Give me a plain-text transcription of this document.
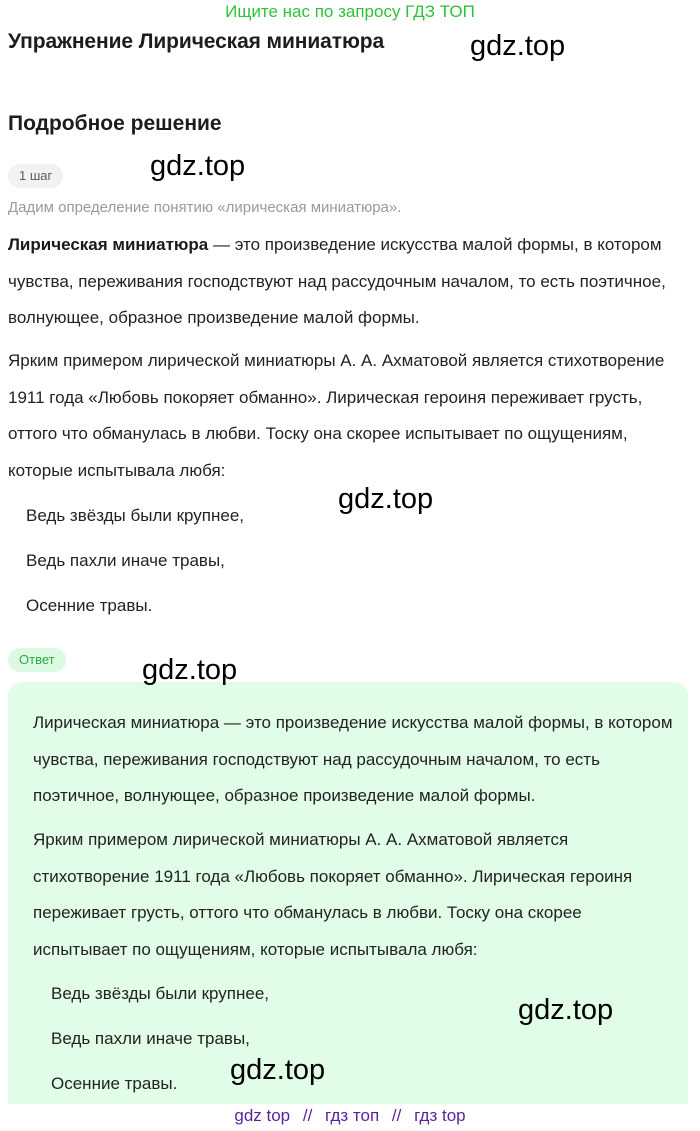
Ищите нас по запросу ГДЗ ТОП
Упражнение Лирическая миниатюра	gdz.top
Подробное решение
1 шаг	gdz.top
Дадим определение понятию «лирическая миниатюра».

Лирическая миниатюра — это произведение искусства малой формы, в котором чувства, переживания господствуют над рассудочным началом, то есть поэтичное, волнующее, образное произведение малой формы.

Ярким примером лирической миниатюры А. А. Ахматовой является стихотворение 1911 года «Любовь покоряет обманно». Лирическая героиня переживает грусть, оттого что обманулась в любви. Тоску она скорее испытывает по ощущениям, которые испытывала любя:

gdz.top

Ведь звёзды были крупнее,

Ведь пахли иначе травы,

Осенние травы.

Ответ	gdz.top

Лирическая миниатюра — это произведение искусства малой формы, в котором чувства, переживания господствуют над рассудочным началом, то есть поэтичное, волнующее, образное произведение малой формы.

Ярким примером лирической миниатюры А. А. Ахматовой является стихотворение 1911 года «Любовь покоряет обманно». Лирическая героиня переживает грусть, оттого что обманулась в любви. Тоску она скорее испытывает по ощущениям, которые испытывала любя:

Ведь звёзды были крупнее,

Ведь пахли иначе травы,

Осенние травы.

gdz.top
gdz.top
gdz top // гдз топ // гдз top
